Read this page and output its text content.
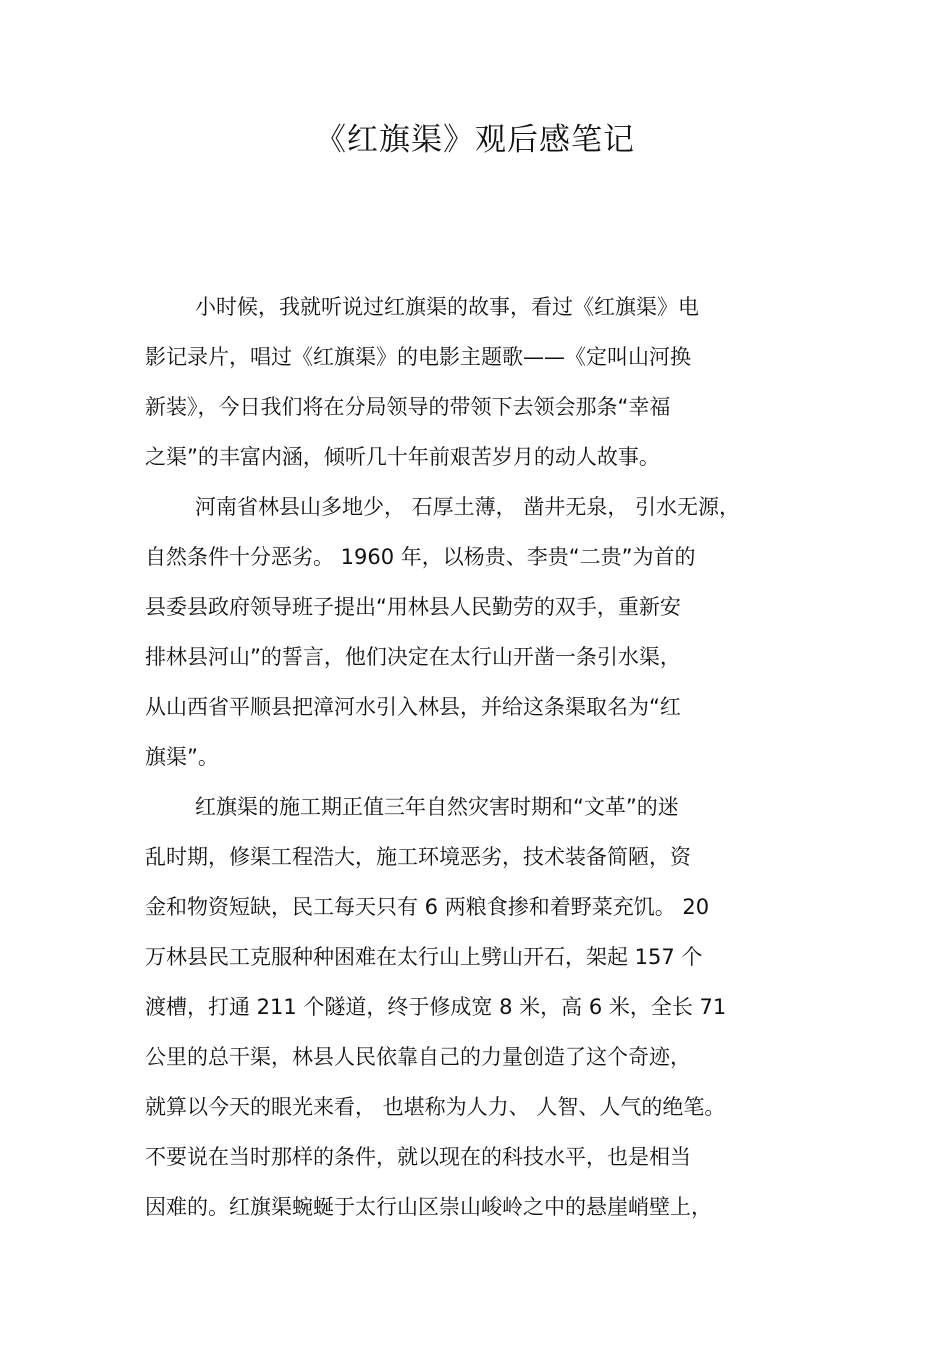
《红旗渠》观后感笔记
小时候，我就听说过红旗渠的故事，看过《红旗渠》电
影记录片，唱过《红旗渠》的电影主题歌——《定叫山河换
新装》，今日我们将在分局领导的带领下去领会那条“幸福
之渠”的丰富内涵，倾听几十年前艰苦岁月的动人故事。
河南省林县山多地少， 石厚土薄， 凿井无泉， 引水无源，
自然条件十分恶劣。 1960 年，以杨贵、李贵“二贵”为首的
县委县政府领导班子提出“用林县人民勤劳的双手，重新安
排林县河山”的誓言，他们决定在太行山开凿一条引水渠，
从山西省平顺县把漳河水引入林县，并给这条渠取名为“红
旗渠”。
红旗渠的施工期正值三年自然灾害时期和“文革”的迷
乱时期，修渠工程浩大，施工环境恶劣，技术装备简陋，资
金和物资短缺，民工每天只有 6 两粮食掺和着野菜充饥。 20
万林县民工克服种种困难在太行山上劈山开石，架起 157 个
渡槽，打通 211 个隧道，终于修成宽 8 米，高 6 米，全长 71
公里的总干渠，林县人民依靠自己的力量创造了这个奇迹，
就算以今天的眼光来看， 也堪称为人力、 人智、人气的绝笔。
不要说在当时那样的条件，就以现在的科技水平，也是相当
因难的。红旗渠蜿蜒于太行山区崇山峻岭之中的悬崖峭壁上，
